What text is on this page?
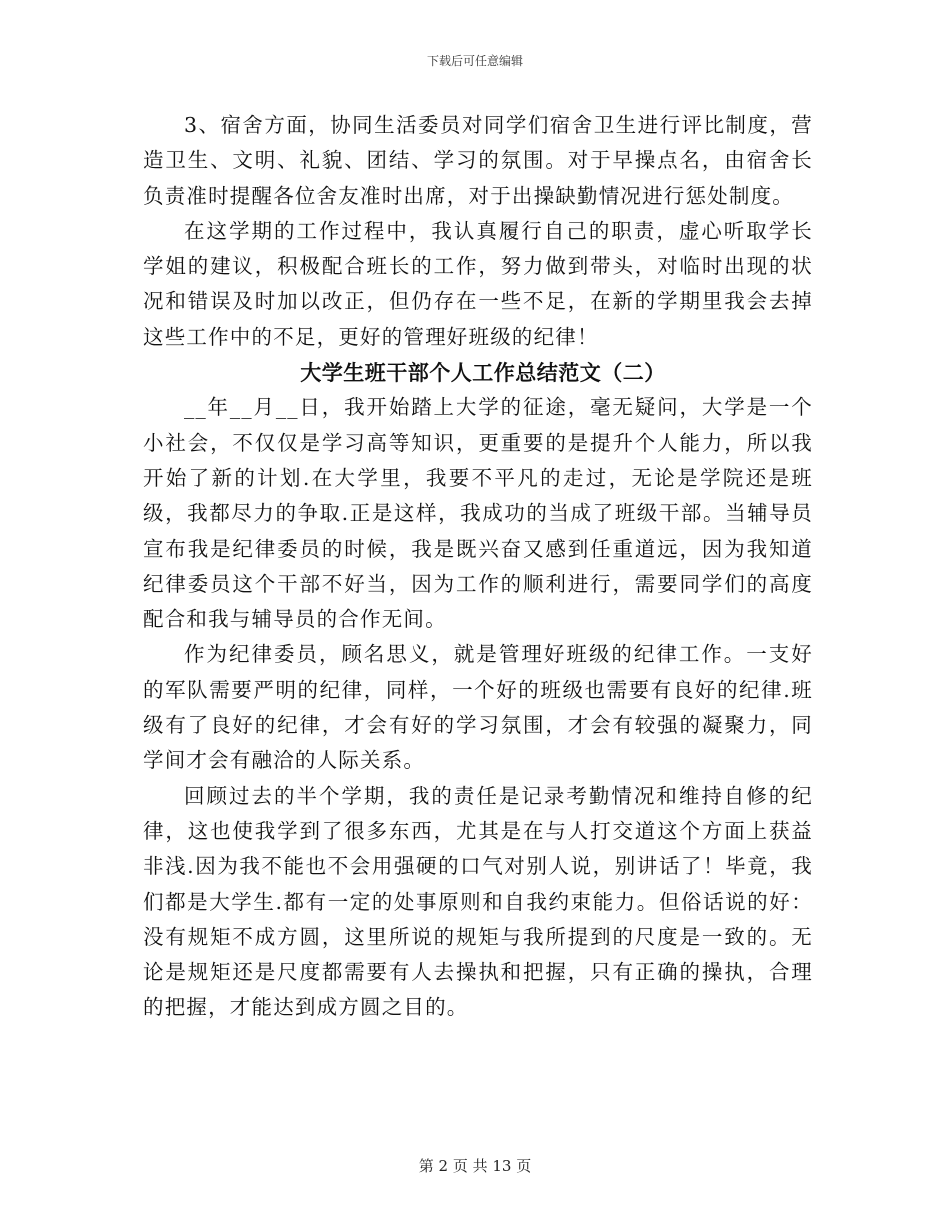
下载后可任意编辑

3、宿舍方面，协同生活委员对同学们宿舍卫生进行评比制度，营造卫生、文明、礼貌、团结、学习的氛围。对于早操点名，由宿舍长负责准时提醒各位舍友准时出席，对于出操缺勤情况进行惩处制度。

在这学期的工作过程中，我认真履行自己的职责，虚心听取学长学姐的建议，积极配合班长的工作，努力做到带头，对临时出现的状况和错误及时加以改正，但仍存在一些不足，在新的学期里我会去掉这些工作中的不足，更好的管理好班级的纪律！

大学生班干部个人工作总结范文（二）

__年__月__日，我开始踏上大学的征途，毫无疑问，大学是一个小社会，不仅仅是学习高等知识，更重要的是提升个人能力，所以我开始了新的计划.在大学里，我要不平凡的走过，无论是学院还是班级，我都尽力的争取.正是这样，我成功的当成了班级干部。当辅导员宣布我是纪律委员的时候，我是既兴奋又感到任重道远，因为我知道纪律委员这个干部不好当，因为工作的顺利进行，需要同学们的高度配合和我与辅导员的合作无间。

作为纪律委员，顾名思义，就是管理好班级的纪律工作。一支好的军队需要严明的纪律，同样，一个好的班级也需要有良好的纪律.班级有了良好的纪律，才会有好的学习氛围，才会有较强的凝聚力，同学间才会有融洽的人际关系。

回顾过去的半个学期，我的责任是记录考勤情况和维持自修的纪律，这也使我学到了很多东西，尤其是在与人打交道这个方面上获益非浅.因为我不能也不会用强硬的口气对别人说，别讲话了！毕竟，我们都是大学生.都有一定的处事原则和自我约束能力。但俗话说的好：没有规矩不成方圆，这里所说的规矩与我所提到的尺度是一致的。无论是规矩还是尺度都需要有人去操执和把握，只有正确的操执，合理的把握，才能达到成方圆之目的。

第 2 页 共 13 页
